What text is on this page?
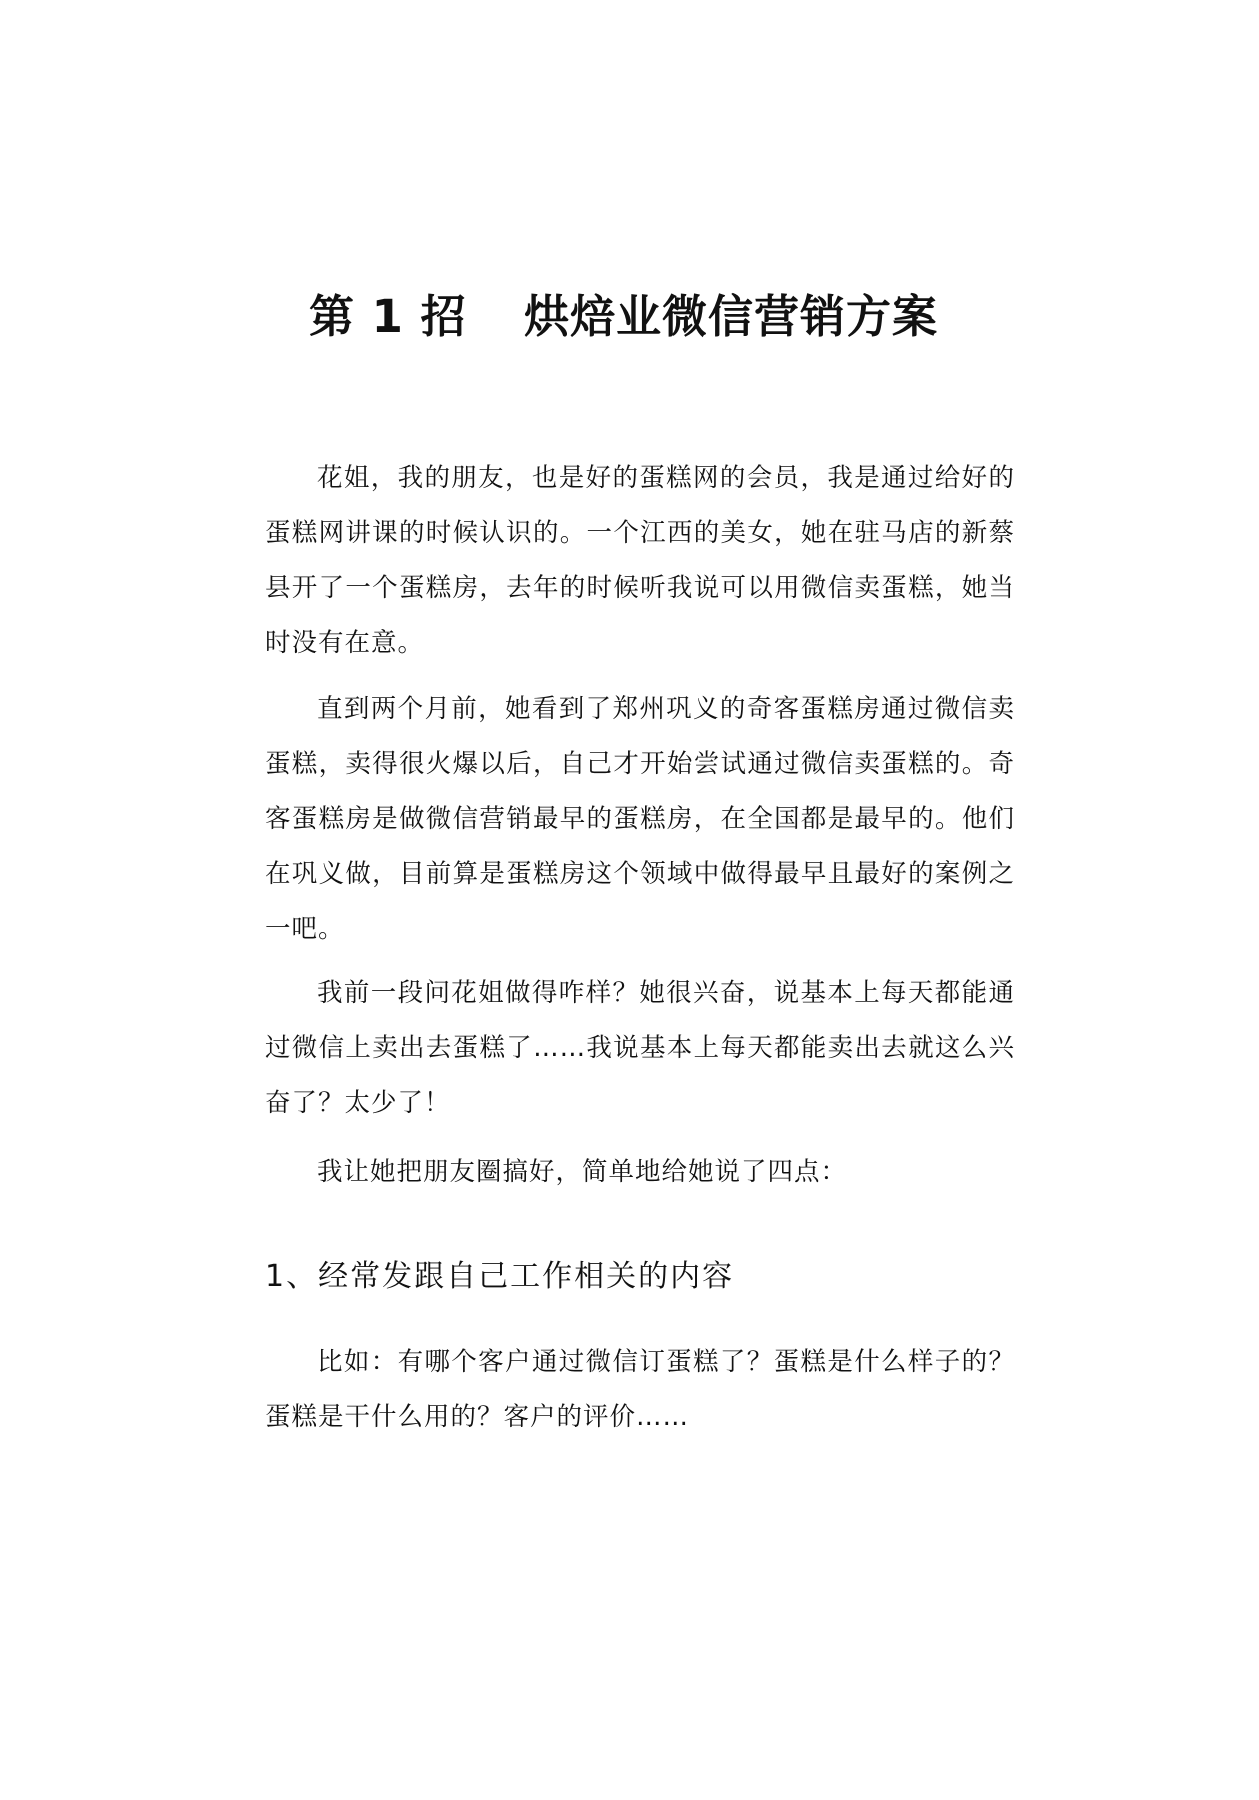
第 1 招 烘焙业微信营销方案

花姐，我的朋友，也是好的蛋糕网的会员，我是通过给好的蛋糕网讲课的时候认识的。一个江西的美女，她在驻马店的新蔡县开了一个蛋糕房，去年的时候听我说可以用微信卖蛋糕，她当时没有在意。

直到两个月前，她看到了郑州巩义的奇客蛋糕房通过微信卖蛋糕，卖得很火爆以后，自己才开始尝试通过微信卖蛋糕的。奇客蛋糕房是做微信营销最早的蛋糕房，在全国都是最早的。他们在巩义做，目前算是蛋糕房这个领域中做得最早且最好的案例之一吧。

我前一段问花姐做得咋样？她很兴奋，说基本上每天都能通过微信上卖出去蛋糕了……我说基本上每天都能卖出去就这么兴奋了？太少了！

我让她把朋友圈搞好，简单地给她说了四点：

1、经常发跟自己工作相关的内容

比如：有哪个客户通过微信订蛋糕了？蛋糕是什么样子的？蛋糕是干什么用的？客户的评价……
